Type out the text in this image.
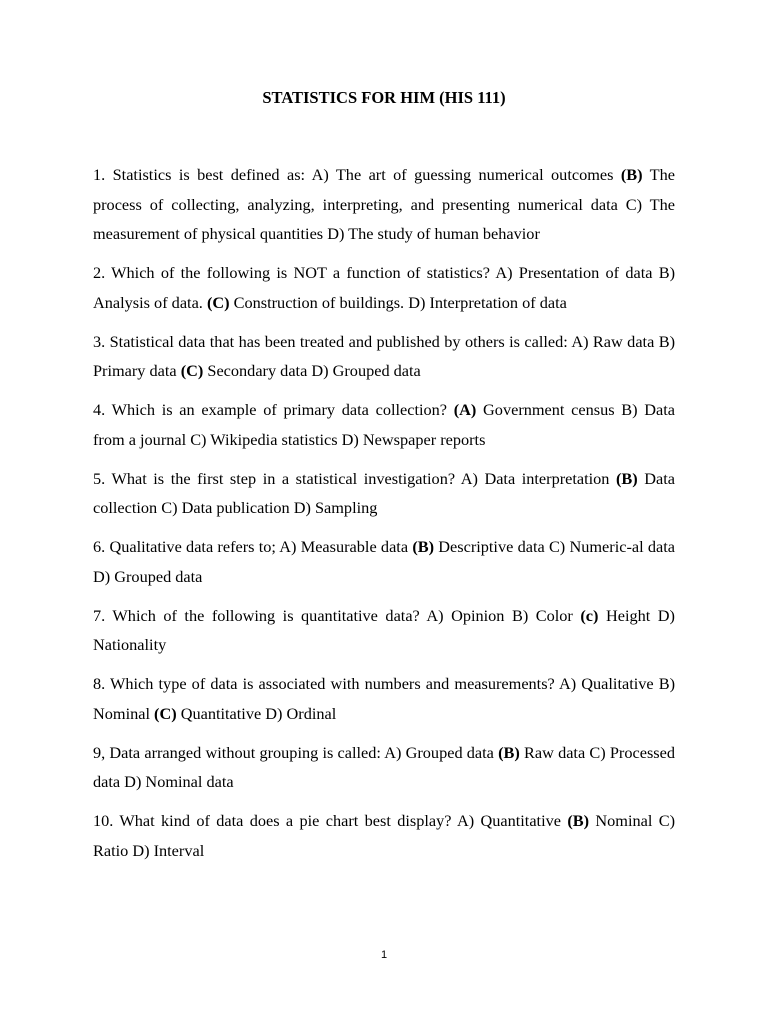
STATISTICS FOR HIM (HIS 111)

1. Statistics is best defined as: A) The art of guessing numerical outcomes (B) The process of collecting, analyzing, interpreting, and presenting numerical data C) The measurement of physical quantities D) The study of human behavior

2. Which of the following is NOT a function of statistics? A) Presentation of data B) Analysis of data. (C) Construction of buildings. D) Interpretation of data

3. Statistical data that has been treated and published by others is called: A) Raw data B) Primary data (C) Secondary data D) Grouped data

4. Which is an example of primary data collection? (A) Government census B) Data from a journal C) Wikipedia statistics D) Newspaper reports

5. What is the first step in a statistical investigation? A) Data interpretation (B) Data collection C) Data publication D) Sampling

6. Qualitative data refers to; A) Measurable data (B) Descriptive data C) Numeric-al data D) Grouped data

7. Which of the following is quantitative data? A) Opinion B) Color (c) Height D) Nationality

8. Which type of data is associated with numbers and measurements? A) Qualitative B) Nominal (C) Quantitative D) Ordinal

9, Data arranged without grouping is called: A) Grouped data (B) Raw data C) Processed data D) Nominal data

10. What kind of data does a pie chart best display? A) Quantitative (B) Nominal C) Ratio D) Interval

1
